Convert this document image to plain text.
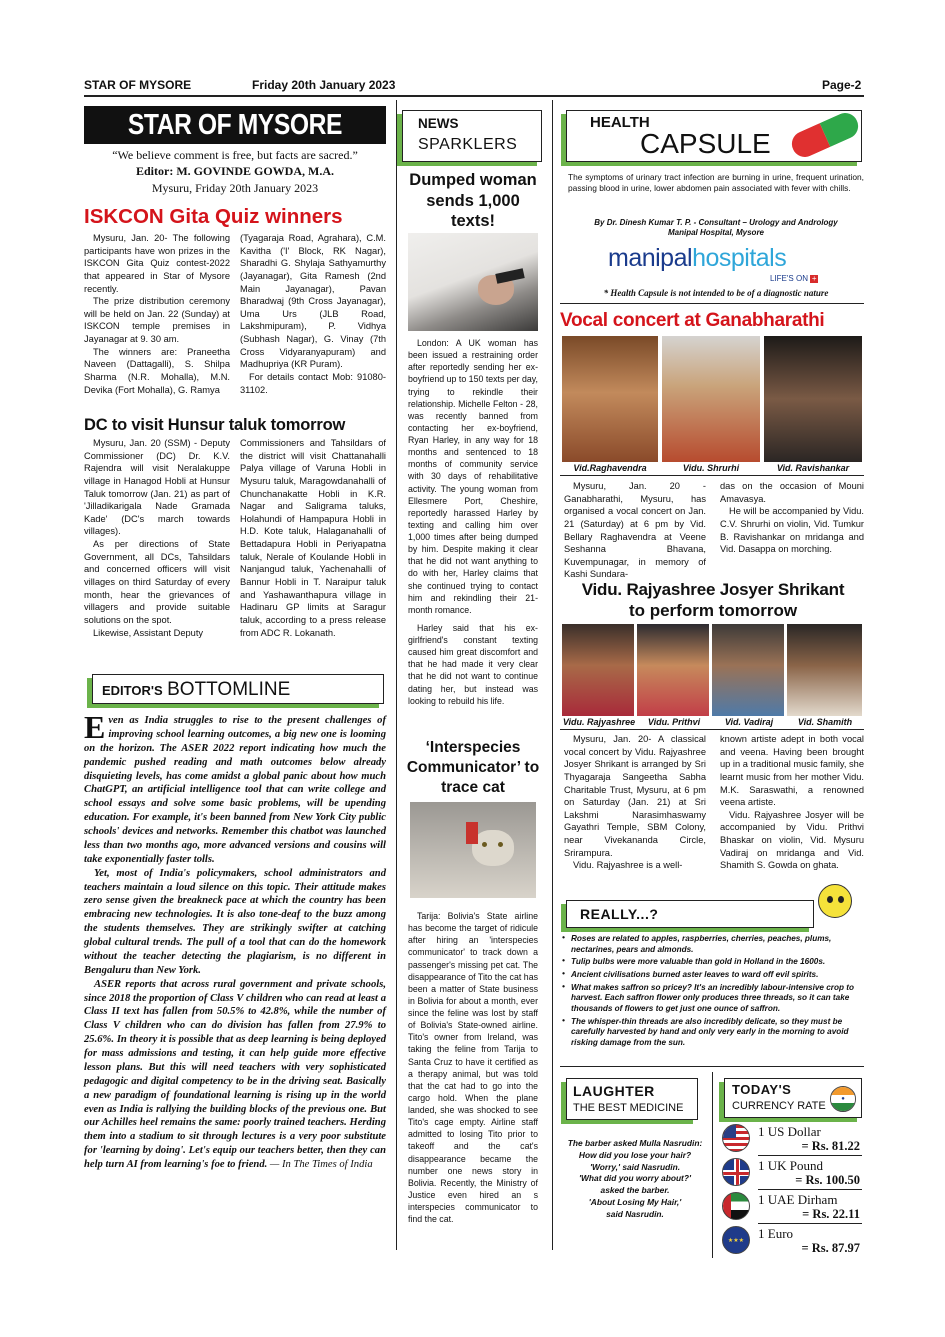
STAR OF MYSORE	Friday 20th January 2023	Page-2
STAR OF MYSORE
“We believe comment is free, but facts are sacred.”
Editor: M. GOVINDE GOWDA, M.A.
Mysuru, Friday 20th January 2023
ISKCON Gita Quiz winners

Mysuru, Jan. 20- The following participants have won prizes in the ISKCON Gita Quiz contest-2022 that appeared in Star of Mysore recently.

The prize distribution ceremony will be held on Jan. 22 (Sunday) at ISKCON temple premises in Jayanagar at 9. 30 am.

The winners are: Praneetha Naveen (Dattagalli), S. Shilpa Sharma (N.R. Mohalla), M.N. Devika (Fort Mohalla), G. Ramya

(Tyagaraja Road, Agrahara), C.M. Kavitha ('I' Block, RK Nagar), Sharadhi G. Shylaja Sathyamurthy (Jayanagar), Gita Ramesh (2nd Main Jayanagar), Pavan Bharadwaj (9th Cross Jayanagar), Uma Urs (JLB Road, Lakshmipuram), P. Vidhya (Subhash Nagar), G. Vinay (7th Cross Vidyaranyapuram) and Madhupriya (KR Puram).

For details contact Mob: 91080-31102.

DC to visit Hunsur taluk tomorrow

Mysuru, Jan. 20 (SSM) - Deputy Commissioner (DC) Dr. K.V. Rajendra will visit Neralakuppe village in Hanagod Hobli at Hunsur Taluk tomorrow (Jan. 21) as part of 'Jilladikarigala Nade Gramada Kade' (DC's march towards villages).

As per directions of State Government, all DCs, Tahsildars and concerned officers will visit villages on third Saturday of every month, hear the grievances of villagers and provide suitable solutions on the spot.

Likewise, Assistant Deputy

Commissioners and Tahsildars of the district will visit Chattanahalli Palya village of Varuna Hobli in Mysuru taluk, Maragowdanahalli of Chunchanakatte Hobli in K.R. Nagar and Saligrama taluks, Holahundi of Hampapura Hobli in H.D. Kote taluk, Halaganahalli of Bettadapura Hobli in Periyapatna taluk, Nerale of Koulande Hobli in Nanjangud taluk, Yachenahalli of Bannur Hobli in T. Naraipur taluk and Yashawanthapura village in Hadinaru GP limits at Saragur taluk, according to a press release from ADC R. Lokanath.

EDITOR'S BOTTOMLINE

Even as India struggles to rise to the present challenges of improving school learning outcomes, a big new one is looming on the horizon. The ASER 2022 report indicating how much the pandemic pushed reading and math outcomes below already disquieting levels, has come amidst a global panic about how much ChatGPT, an artificial intelligence tool that can write college and school essays and solve some basic problems, will be upending education. For example, it's been banned from New York City public schools' devices and networks. Remember this chatbot was launched less than two months ago, more advanced versions and cousins will take exponentially faster tolls.

Yet, most of India's policymakers, school administrators and teachers maintain a loud silence on this topic. Their attitude makes zero sense given the breakneck pace at which the country has been embracing new technologies. It is also tone-deaf to the buzz among the students themselves. They are strikingly swifter at catching global cultural trends. The pull of a tool that can do the homework without the teacher detecting the plagiarism, is no different in Bengaluru than New York.

ASER reports that across rural government and private schools, since 2018 the proportion of Class V children who can read at least a Class II text has fallen from 50.5% to 42.8%, while the number of Class V children who can do division has fallen from 27.9% to 25.6%. In theory it is possible that as deep learning is being deployed for mass admissions and testing, it can help guide more effective lesson plans. But this will need teachers with very sophisticated pedagogic and digital competency to be in the driving seat. Basically a new paradigm of foundational learning is rising up in the world even as India is rallying the building blocks of the previous one. But our Achilles heel remains the same: poorly trained teachers. Herding them into a stadium to sit through lectures is a very poor substitute for 'learning by doing'. Let's equip our teachers better, then they can help turn AI from learning's foe to friend. — In The Times of India

NEWS
SPARKLERS
Dumped woman sends 1,000 texts!

London: A UK woman has been issued a restraining order after reportedly sending her ex-boyfriend up to 150 texts per day, trying to rekindle their relationship. Michelle Felton - 28, was recently banned from contacting her ex-boyfriend, Ryan Harley, in any way for 18 months and sentenced to 18 months of community service with 30 days of rehabilitative activity. The young woman from Ellesmere Port, Cheshire, reportedly harassed Harley by texting and calling him over 1,000 times after being dumped by him. Despite making it clear that he did not want anything to do with her, Harley claims that she continued trying to contact him and rekindling their 21-month romance.

Harley said that his ex-girlfriend's constant texting caused him great discomfort and that he had made it very clear that he did not want to continue dating her, but instead was looking to rebuild his life.

‘Interspecies Communicator’ to trace cat

Tarija: Bolivia's State airline has become the target of ridicule after hiring an 'interspecies communicator' to track down a passenger's missing pet cat. The disappearance of Tito the cat has been a matter of State business in Bolivia for about a month, ever since the feline was lost by staff of Bolivia's State-owned airline. Tito's owner from Ireland, was taking the feline from Tarija to Santa Cruz to have it certified as a therapy animal, but was told that the cat had to go into the cargo hold. When the plane landed, she was shocked to see Tito's cage empty. Airline staff admitted to losing Tito prior to takeoff and the cat's disappearance became the number one news story in Bolivia. Recently, the Ministry of Justice even hired an s interspecies communicator to find the cat.

HEALTH
CAPSULE
The symptoms of urinary tract infection are burning in urine, frequent urination, passing blood in urine, lower abdomen pain associated with fever with chills.
By Dr. Dinesh Kumar T. P. - Consultant – Urology and Andrology
Manipal Hospital, Mysore
manipalhospitals
LIFE'S ON +
* Health Capsule is not intended to be of a diagnostic nature
Vocal concert at Ganabharathi
Vid.Raghavendra	Vidu. Shrurhi	Vid. Ravishankar

Mysuru, Jan. 20 - Ganabharathi, Mysuru, has organised a vocal concert on Jan. 21 (Saturday) at 6 pm by Vid. Bellary Raghavendra at Veene Seshanna Bhavana, Kuvempunagar, in memory of Kashi Sundara-

das on the occasion of Mouni Amavasya.

He will be accompanied by Vidu. C.V. Shrurhi on violin, Vid. Tumkur B. Ravishankar on mridanga and Vid. Dasappa on morching.

Vidu. Rajyashree Josyer Shrikant
to perform tomorrow
Vidu. Rajyashree	Vidu. Prithvi	Vid. Vadiraj	Vid. Shamith

Mysuru, Jan. 20- A classical vocal concert by Vidu. Rajyashree Josyer Shrikant is arranged by Sri Thyagaraja Sangeetha Sabha Charitable Trust, Mysuru, at 6 pm on Saturday (Jan. 21) at Sri Lakshmi Narasimhaswamy Gayathri Temple, SBM Colony, near Vivekananda Circle, Srirampura.

Vidu. Rajyashree is a well-

known artiste adept in both vocal and veena. Having been brought up in a traditional music family, she learnt music from her mother Vidu. M.K. Saraswathi, a renowned veena artiste.

Vidu. Rajyashree Josyer will be accompanied by Vidu. Prithvi Bhaskar on violin, Vid. Mysuru Vadiraj on mridanga and Vid. Shamith S. Gowda on ghata.

REALLY...?
• Roses are related to apples, raspberries, cherries, peaches, plums, nectarines, pears and almonds.
• Tulip bulbs were more valuable than gold in Holland in the 1600s.
• Ancient civilisations burned aster leaves to ward off evil spirits.
• What makes saffron so pricey? It's an incredibly labour-intensive crop to harvest. Each saffron flower only produces three threads, so it can take thousands of flowers to get just one ounce of saffron.
• The whisper-thin threads are also incredibly delicate, so they must be carefully harvested by hand and only very early in the morning to avoid risking damage from the sun.
LAUGHTER
THE BEST MEDICINE
The barber asked Mulla Nasrudin: How did you lose your hair?
'Worry,' said Nasrudin.
'What did you worry about?'
asked the barber.
'About Losing My Hair,'
said Nasrudin.
TODAY'S
CURRENCY RATE
●
1 US Dollar
= Rs. 81.22
1 UK Pound
= Rs. 100.50
1 UAE Dirham
= Rs. 22.11
★★★	1 Euro
= Rs. 87.97
